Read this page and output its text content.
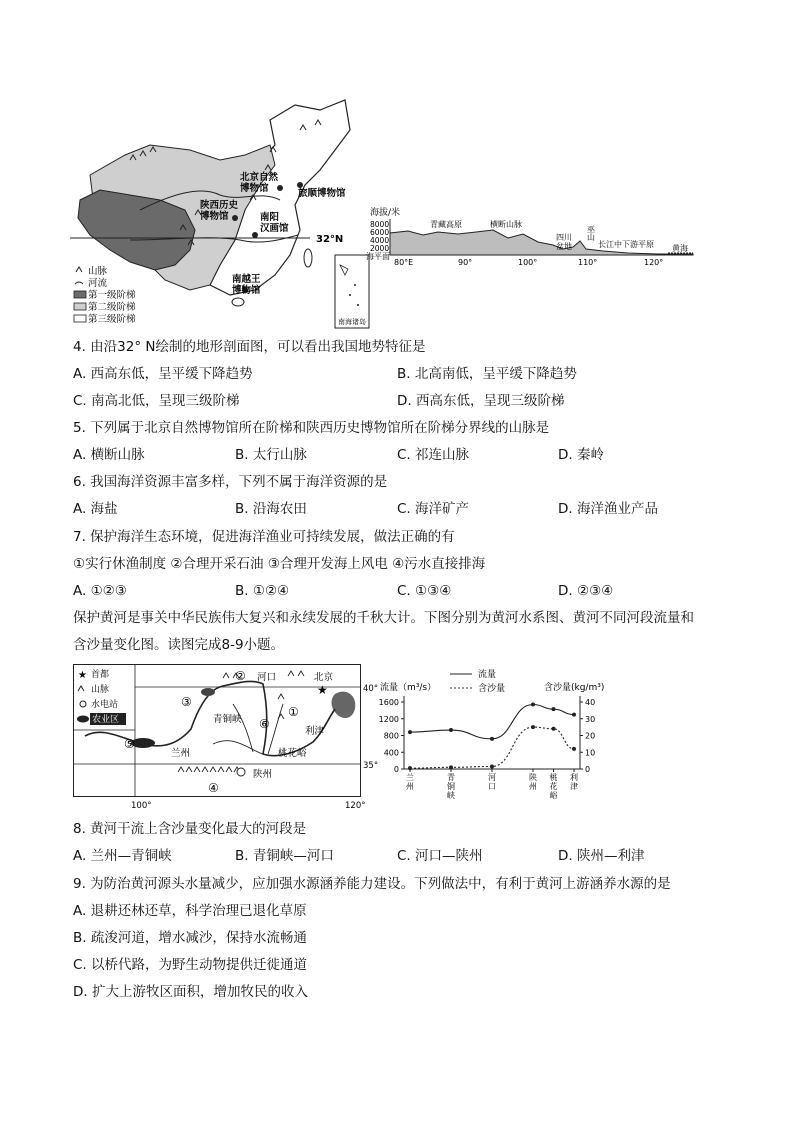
32°N
北京自然 博物馆	旅顺博物馆
陕西历史 博物馆	南阳 汉画馆
南越王 博物馆
山脉
河流
第一级阶梯
第二级阶梯
第三级阶梯	南海诸岛
海拔/米
8000
6000
4000
2000
海平面
青藏高原	横断山脉
四川
盆地
巫
山
长江中下游平原 黄海
80°E	90°	100°	110°	120°
4. 由沿32° N绘制的地形剖面图，可以看出我国地势特征是
A. 西高东低，呈平缓下降趋势	B. 北高南低，呈平缓下降趋势
C. 南高北低，呈现三级阶梯	D. 西高东低，呈现三级阶梯
5. 下列属于北京自然博物馆所在阶梯和陕西历史博物馆所在阶梯分界线的山脉是
A. 横断山脉	B. 太行山脉	C. 祁连山脉	D. 秦岭
6. 我国海洋资源丰富多样，下列不属于海洋资源的是
A. 海盐	B. 沿海农田	C. 海洋矿产	D. 海洋渔业产品
7. 保护海洋生态环境，促进海洋渔业可持续发展，做法正确的有
①实行休渔制度 ②合理开采石油 ③合理开发海上风电 ④污水直接排海
A. ①②③	B. ①②④	C. ①③④	D. ②③④
保护黄河是事关中华民族伟大复兴和永续发展的千秋大计。下图分别为黄河水系图、黄河不同河段流量和
含沙量变化图。读图完成8-9小题。
★
★ 首都
山脉
水电站
农业区
河口	北京
青铜峡
兰州
利津
桃花峪
陕州
①
②
③
④
⑤
⑥
40°
35°
100°	120°
流量
含沙量
流量（m³/s）	含沙量(kg/m³)
0
400
800
1200
1600
0
10
20
30
40
兰州
青铜峡
河口
陕州
桃花峪
利津
8. 黄河干流上含沙量变化最大的河段是
A. 兰州—青铜峡	B. 青铜峡—河口	C. 河口—陕州	D. 陕州—利津
9. 为防治黄河源头水量减少，应加强水源涵养能力建设。下列做法中，有利于黄河上游涵养水源的是
A. 退耕还林还草，科学治理已退化草原
B. 疏浚河道，增水减沙，保持水流畅通
C. 以桥代路，为野生动物提供迁徙通道
D. 扩大上游牧区面积，增加牧民的收入
